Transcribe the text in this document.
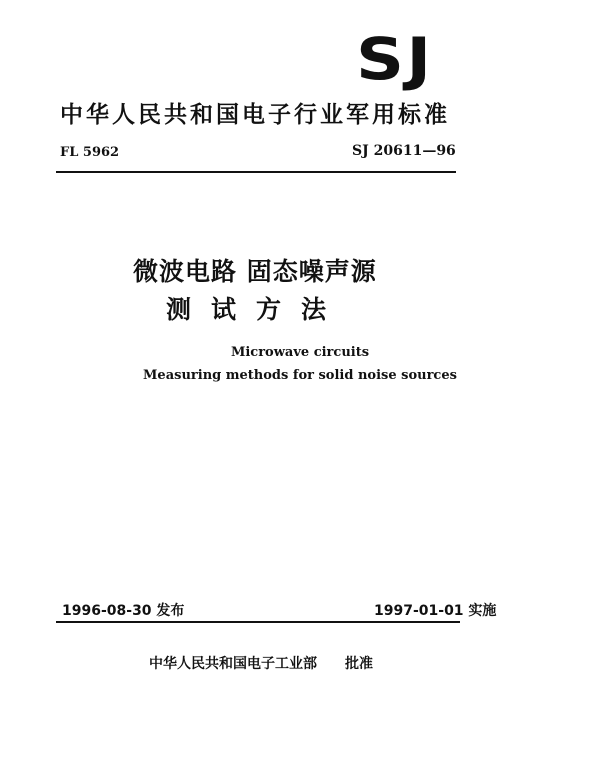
SJ
中华人民共和国电子行业军用标准
FL 5962	SJ 20611—96
微波电路 固态噪声源
测试方法
Microwave circuits
Measuring methods for solid noise sources
1996-08-30 发布	1997-01-01 实施
中华人民共和国电子工业部 批准
